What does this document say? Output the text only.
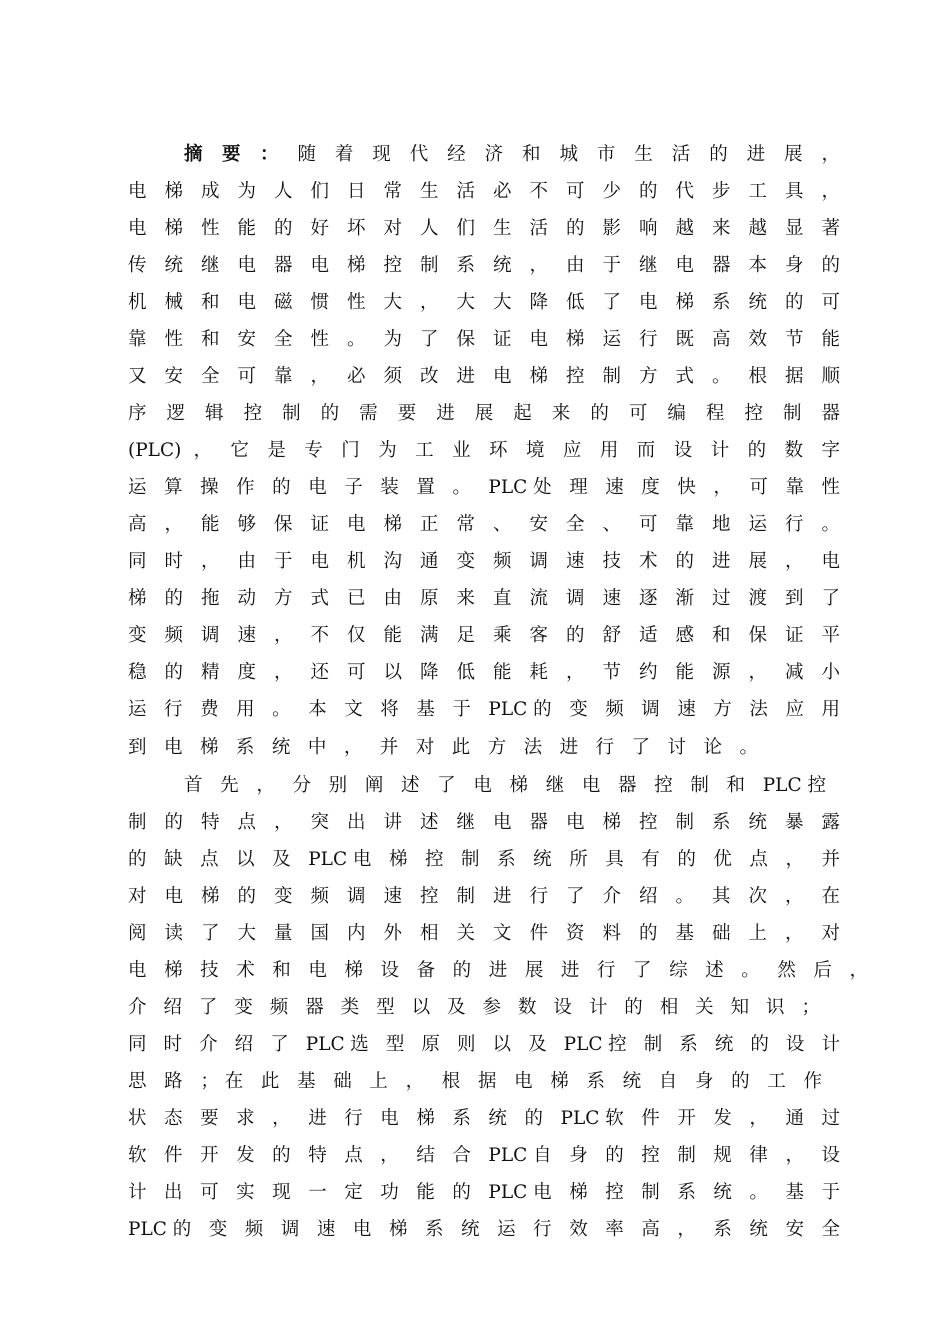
摘 要 ： 随 着 现 代 经 济 和 城 市 生 活 的 进 展 ，
电 梯 成 为 人 们 日 常 生 活 必 不 可 少 的 代 步 工 具 ，
电 梯 性 能 的 好 坏 对 人 们 生 活 的 影 响 越 来 越 显 著
传 统 继 电 器 电 梯 控 制 系 统 ， 由 于 继 电 器 本 身 的
机 械 和 电 磁 惯 性 大 ， 大 大 降 低 了 电 梯 系 统 的 可
靠 性 和 安 全 性 。 为 了 保 证 电 梯 运 行 既 高 效 节 能
又 安 全 可 靠 ， 必 须 改 进 电 梯 控 制 方 式 。 根 据 顺
序 逻 辑 控 制 的 需 要 进 展 起 来 的 可 编 程 控 制 器
(PLC) ， 它 是 专 门 为 工 业 环 境 应 用 而 设 计 的 数 字
运 算 操 作 的 电 子 装 置 。 PLC处 理 速 度 快 ， 可 靠 性
高 ， 能 够 保 证 电 梯 正 常 、 安 全 、 可 靠 地 运 行 。
同 时 ， 由 于 电 机 沟 通 变 频 调 速 技 术 的 进 展 ， 电
梯 的 拖 动 方 式 已 由 原 来 直 流 调 速 逐 渐 过 渡 到 了
变 频 调 速 ， 不 仅 能 满 足 乘 客 的 舒 适 感 和 保 证 平
稳 的 精 度 ， 还 可 以 降 低 能 耗 ， 节 约 能 源 ， 减 小
运 行 费 用 。 本 文 将 基 于 PLC的 变 频 调 速 方 法 应 用
到 电 梯 系 统 中 ， 并 对 此 方 法 进 行 了 讨 论 。
首 先 ， 分 别 阐 述 了 电 梯 继 电 器 控 制 和 PLC控
制 的 特 点 ， 突 出 讲 述 继 电 器 电 梯 控 制 系 统 暴 露
的 缺 点 以 及 PLC电 梯 控 制 系 统 所 具 有 的 优 点 ， 并
对 电 梯 的 变 频 调 速 控 制 进 行 了 介 绍 。 其 次 ， 在
阅 读 了 大 量 国 内 外 相 关 文 件 资 料 的 基 础 上 ， 对
电 梯 技 术 和 电 梯 设 备 的 进 展 进 行 了 综 述 。 然 后 ，
介 绍 了 变 频 器 类 型 以 及 参 数 设 计 的 相 关 知 识 ；
同 时 介 绍 了 PLC选 型 原 则 以 及 PLC控 制 系 统 的 设 计
思 路 ；在 此 基 础 上 ， 根 据 电 梯 系 统 自 身 的 工 作
状 态 要 求 ， 进 行 电 梯 系 统 的 PLC软 件 开 发 ， 通 过
软 件 开 发 的 特 点 ， 结 合 PLC自 身 的 控 制 规 律 ， 设
计 出 可 实 现 一 定 功 能 的 PLC电 梯 控 制 系 统 。 基 于
PLC的 变 频 调 速 电 梯 系 统 运 行 效 率 高 ， 系 统 安 全
